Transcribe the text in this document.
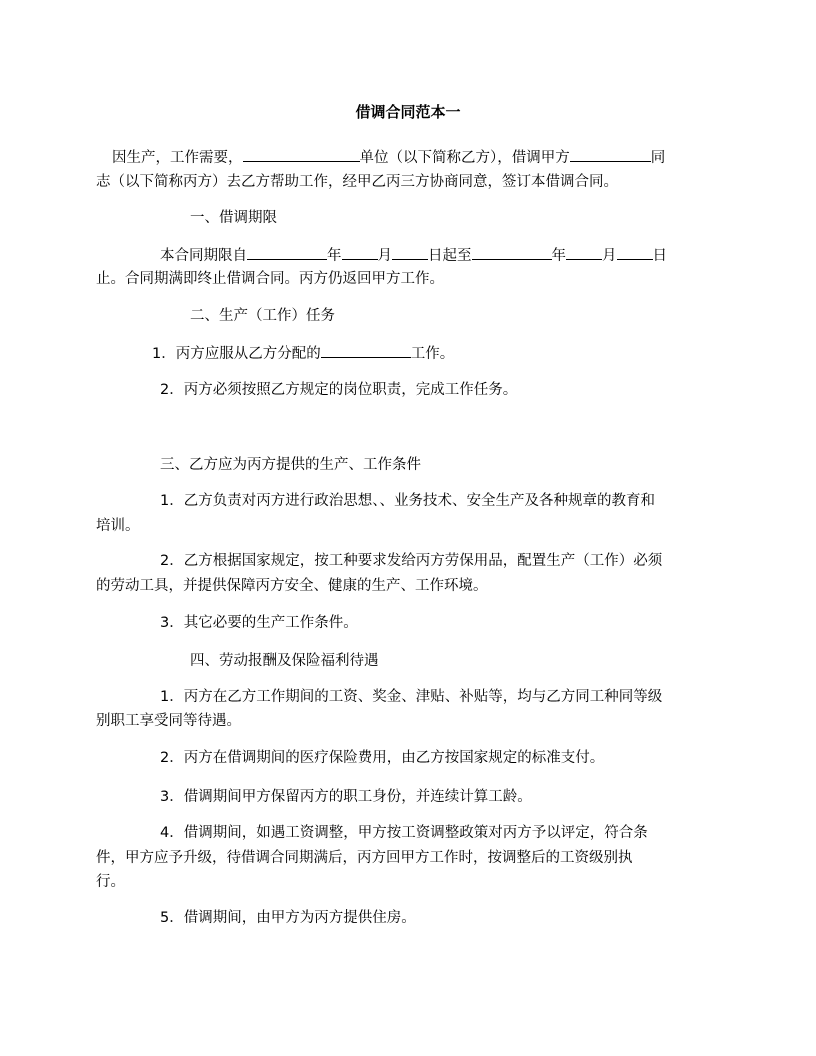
借调合同范本一
因生产，工作需要，	单位（以下简称乙方），借调甲方	同
志（以下简称丙方）去乙方帮助工作，经甲乙丙三方协商同意，签订本借调合同。
一、借调期限
本合同期限自	年 月 日起至	年 月 日
止。合同期满即终止借调合同。丙方仍返回甲方工作。
二、生产（工作）任务
1．丙方应服从乙方分配的	工作。
2．丙方必须按照乙方规定的岗位职责，完成工作任务。
三、乙方应为丙方提供的生产、工作条件
1．乙方负责对丙方进行政治思想、、业务技术、安全生产及各种规章的教育和
培训。
2．乙方根据国家规定，按工种要求发给丙方劳保用品，配置生产（工作）必须
的劳动工具，并提供保障丙方安全、健康的生产、工作环境。
3．其它必要的生产工作条件。
四、劳动报酬及保险福利待遇
1．丙方在乙方工作期间的工资、奖金、津贴、补贴等，均与乙方同工种同等级
别职工享受同等待遇。
2．丙方在借调期间的医疗保险费用，由乙方按国家规定的标准支付。
3．借调期间甲方保留丙方的职工身份，并连续计算工龄。
4．借调期间，如遇工资调整，甲方按工资调整政策对丙方予以评定，符合条
件，甲方应予升级，待借调合同期满后，丙方回甲方工作时，按调整后的工资级别执
行。
5．借调期间，由甲方为丙方提供住房。
